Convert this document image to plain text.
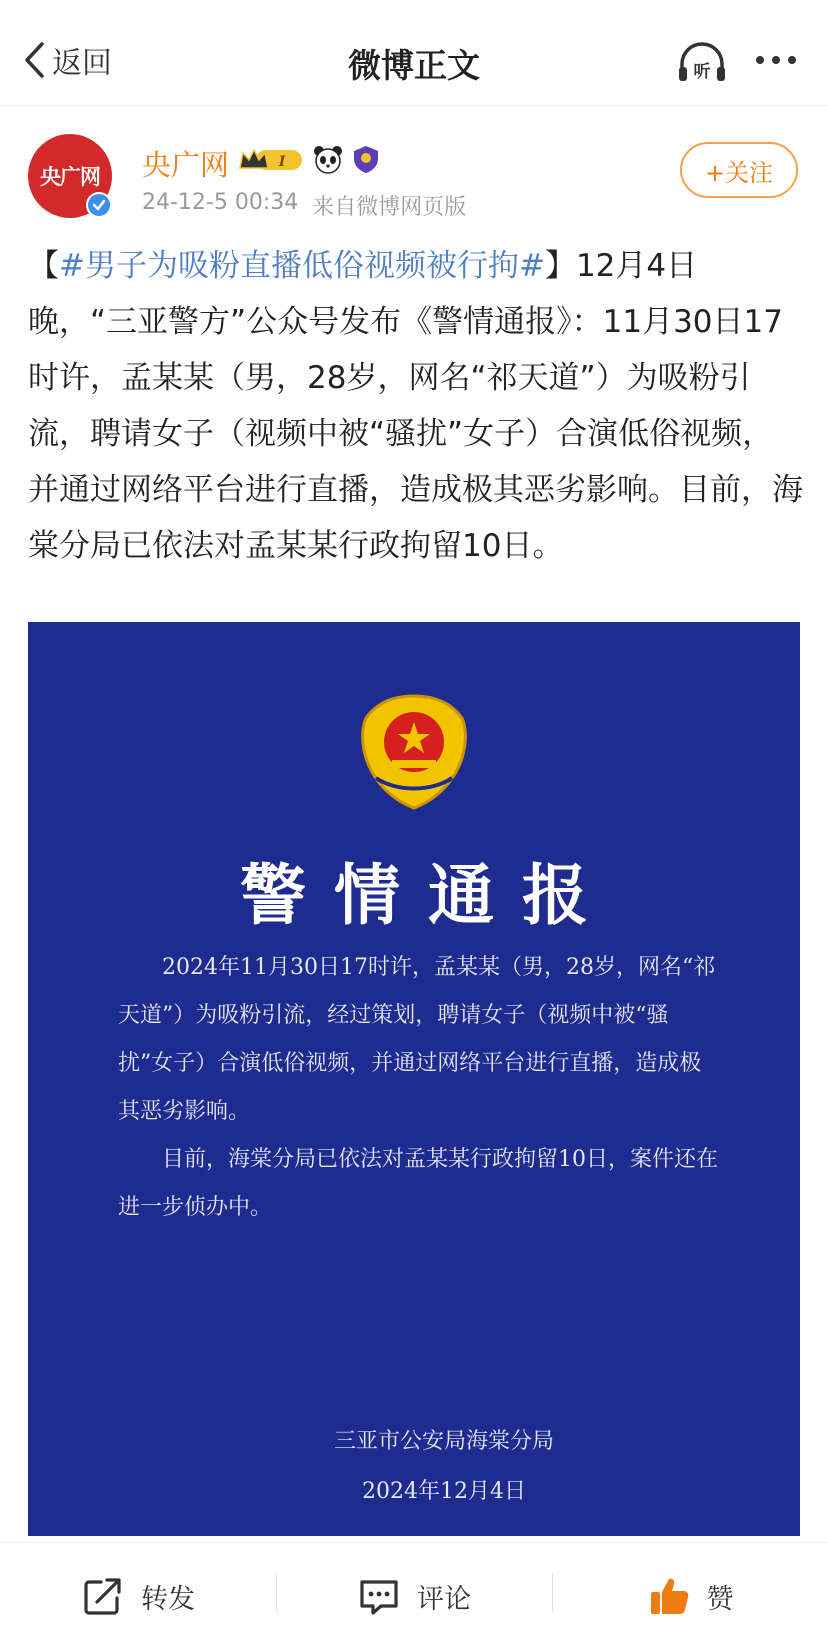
返回	微博正文	听
央广网 央广网	I
24-12-5 00:34 来自微博网页版
+关注
【#男子为吸粉直播低俗视频被行拘#】12月4日晚，“三亚警方”公众号发布《警情通报》：11月30日17时许，孟某某（男，28岁，网名“祁天道”）为吸粉引流，聘请女子（视频中被“骚扰”女子）合演低俗视频，并通过网络平台进行直播，造成极其恶劣影响。目前，海棠分局已依法对孟某某行政拘留10日。
警情通报

2024年11月30日17时许，孟某某（男，28岁，网名“祁天道”）为吸粉引流，经过策划，聘请女子（视频中被“骚扰”女子）合演低俗视频，并通过网络平台进行直播，造成极其恶劣影响。

目前，海棠分局已依法对孟某某行政拘留10日，案件还在进一步侦办中。

三亚市公安局海棠分局
2024年12月4日
转发	评论	赞
